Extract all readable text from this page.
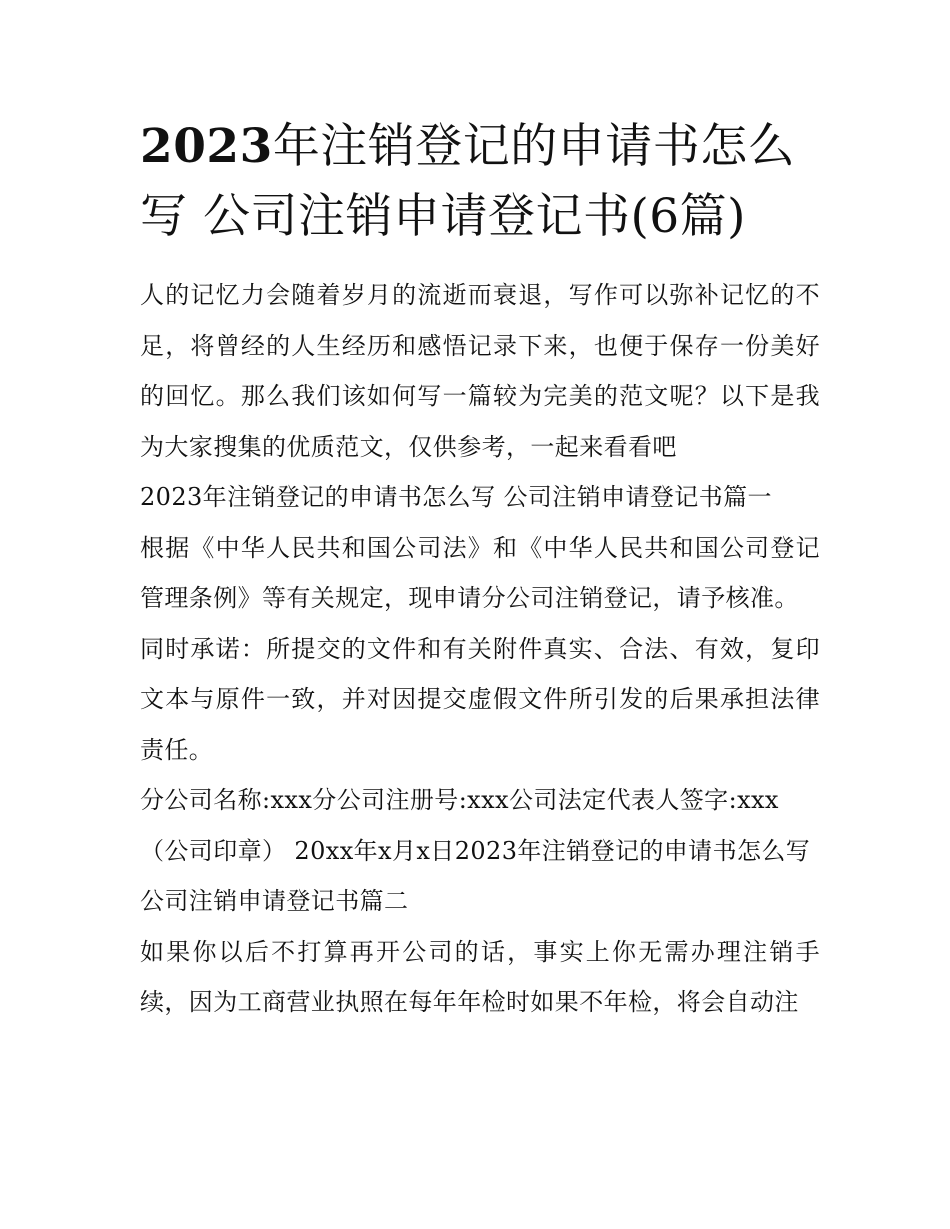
2023年注销登记的申请书怎么写 公司注销申请登记书(6篇)

人的记忆力会随着岁月的流逝而衰退，写作可以弥补记忆的不足，将曾经的人生经历和感悟记录下来，也便于保存一份美好的回忆。那么我们该如何写一篇较为完美的范文呢？以下是我为大家搜集的优质范文，仅供参考，一起来看看吧

2023年注销登记的申请书怎么写 公司注销申请登记书篇一

根据《中华人民共和国公司法》和《中华人民共和国公司登记管理条例》等有关规定，现申请分公司注销登记，请予核准。

同时承诺：所提交的文件和有关附件真实、合法、有效，复印文本与原件一致，并对因提交虚假文件所引发的后果承担法律责任。

分公司名称:xxx分公司注册号:xxx公司法定代表人签字:xxx

（公司印章） 20xx年x月x日2023年注销登记的申请书怎么写

公司注销申请登记书篇二

如果你以后不打算再开公司的话，事实上你无需办理注销手续，因为工商营业执照在每年年检时如果不年检，将会自动注
